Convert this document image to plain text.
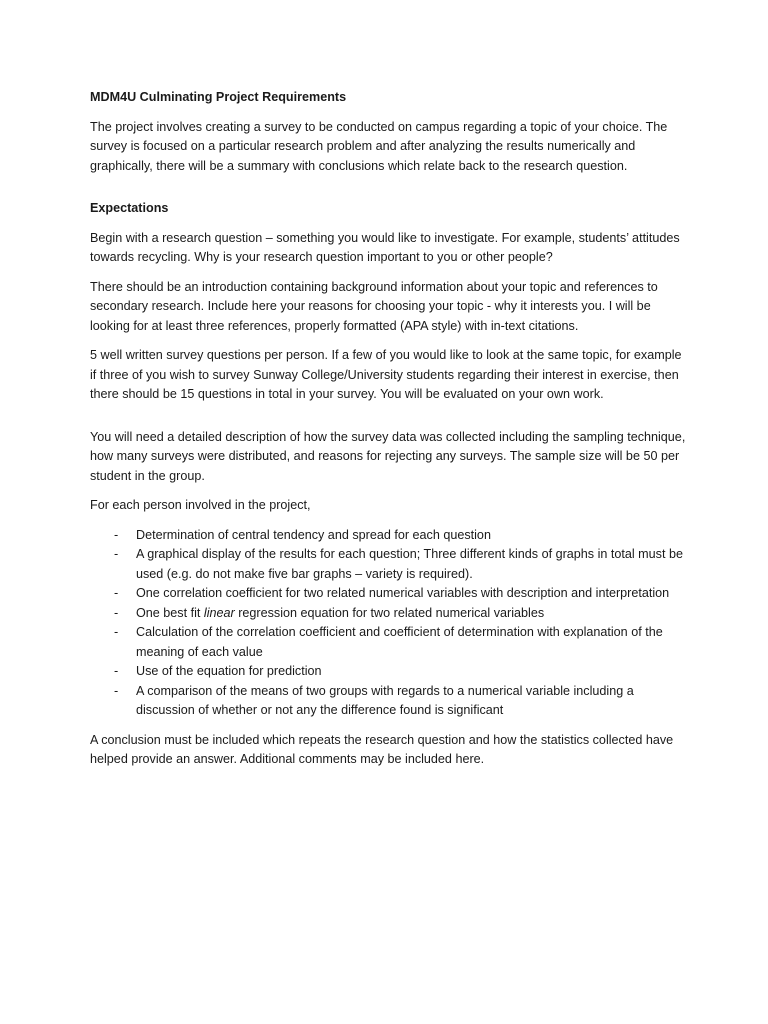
MDM4U Culminating Project Requirements

The project involves creating a survey to be conducted on campus regarding a topic of your choice. The survey is focused on a particular research problem and after analyzing the results numerically and graphically, there will be a summary with conclusions which relate back to the research question.

Expectations

Begin with a research question – something you would like to investigate. For example, students’ attitudes towards recycling. Why is your research question important to you or other people?

There should be an introduction containing background information about your topic and references to secondary research. Include here your reasons for choosing your topic - why it interests you. I will be looking for at least three references, properly formatted (APA style) with in-text citations.

5 well written survey questions per person. If a few of you would like to look at the same topic, for example if three of you wish to survey Sunway College/University students regarding their interest in exercise, then there should be 15 questions in total in your survey. You will be evaluated on your own work.

You will need a detailed description of how the survey data was collected including the sampling technique, how many surveys were distributed, and reasons for rejecting any surveys. The sample size will be 50 per student in the group.

For each person involved in the project,

- Determination of central tendency and spread for each question
- A graphical display of the results for each question; Three different kinds of graphs in total must be used (e.g. do not make five bar graphs – variety is required).
- One correlation coefficient for two related numerical variables with description and interpretation
- One best fit linear regression equation for two related numerical variables
- Calculation of the correlation coefficient and coefficient of determination with explanation of the meaning of each value
- Use of the equation for prediction
- A comparison of the means of two groups with regards to a numerical variable including a discussion of whether or not any the difference found is significant

A conclusion must be included which repeats the research question and how the statistics collected have helped provide an answer. Additional comments may be included here.
